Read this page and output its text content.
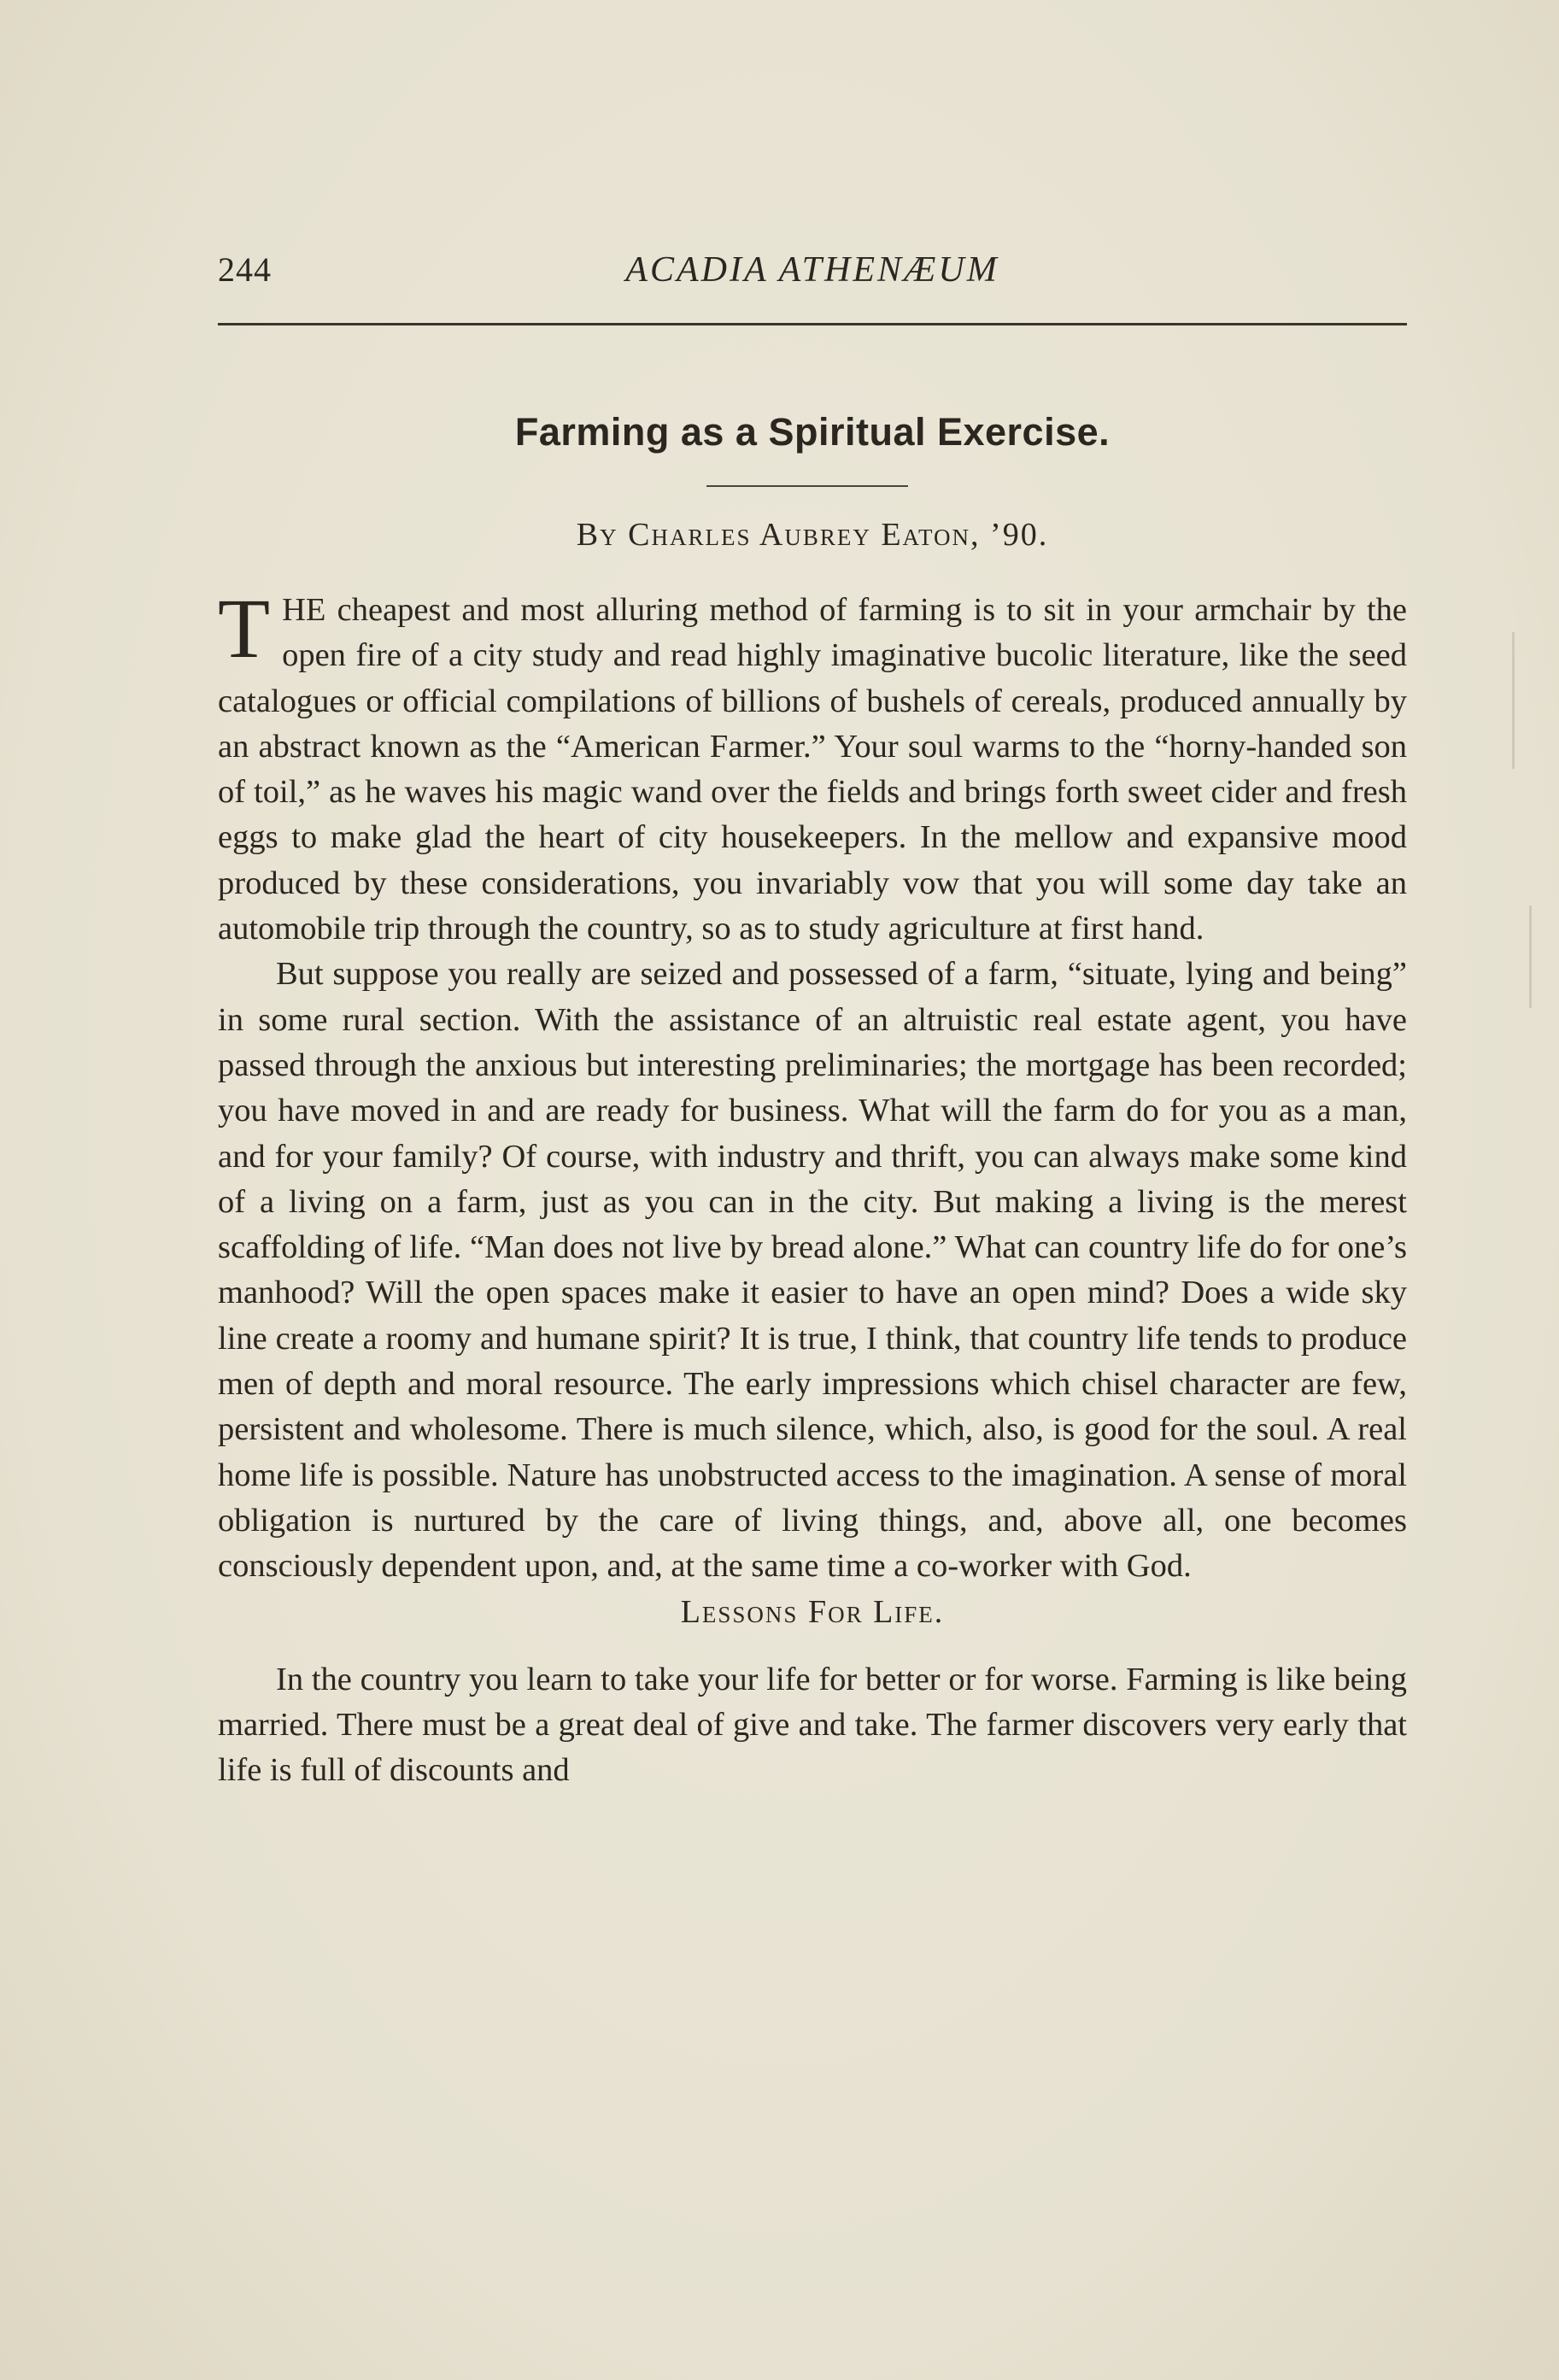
244	ACADIA ATHENÆUM
Farming as a Spiritual Exercise.
By Charles Aubrey Eaton, ’90.

THE cheapest and most alluring method of farming is to sit in your armchair by the open fire of a city study and read highly imaginative bucolic literature, like the seed catalogues or official compilations of billions of bushels of cereals, produced annually by an abstract known as the “American Farmer.” Your soul warms to the “horny-handed son of toil,” as he waves his magic wand over the fields and brings forth sweet cider and fresh eggs to make glad the heart of city housekeepers. In the mellow and expansive mood produced by these considerations, you invariably vow that you will some day take an automobile trip through the country, so as to study agriculture at first hand.

But suppose you really are seized and possessed of a farm, “situate, lying and being” in some rural section. With the assistance of an altruistic real estate agent, you have passed through the anxious but interesting preliminaries; the mortgage has been recorded; you have moved in and are ready for business. What will the farm do for you as a man, and for your family? Of course, with industry and thrift, you can always make some kind of a living on a farm, just as you can in the city. But making a living is the merest scaffolding of life. “Man does not live by bread alone.” What can country life do for one’s manhood? Will the open spaces make it easier to have an open mind? Does a wide sky line create a roomy and humane spirit? It is true, I think, that country life tends to produce men of depth and moral resource. The early impressions which chisel character are few, persistent and wholesome. There is much silence, which, also, is good for the soul. A real home life is possible. Nature has unobstructed access to the imagination. A sense of moral obligation is nurtured by the care of living things, and, above all, one becomes consciously dependent upon, and, at the same time a co-worker with God.

Lessons For Life.

In the country you learn to take your life for better or for worse. Farming is like being married. There must be a great deal of give and take. The farmer discovers very early that life is full of discounts and
